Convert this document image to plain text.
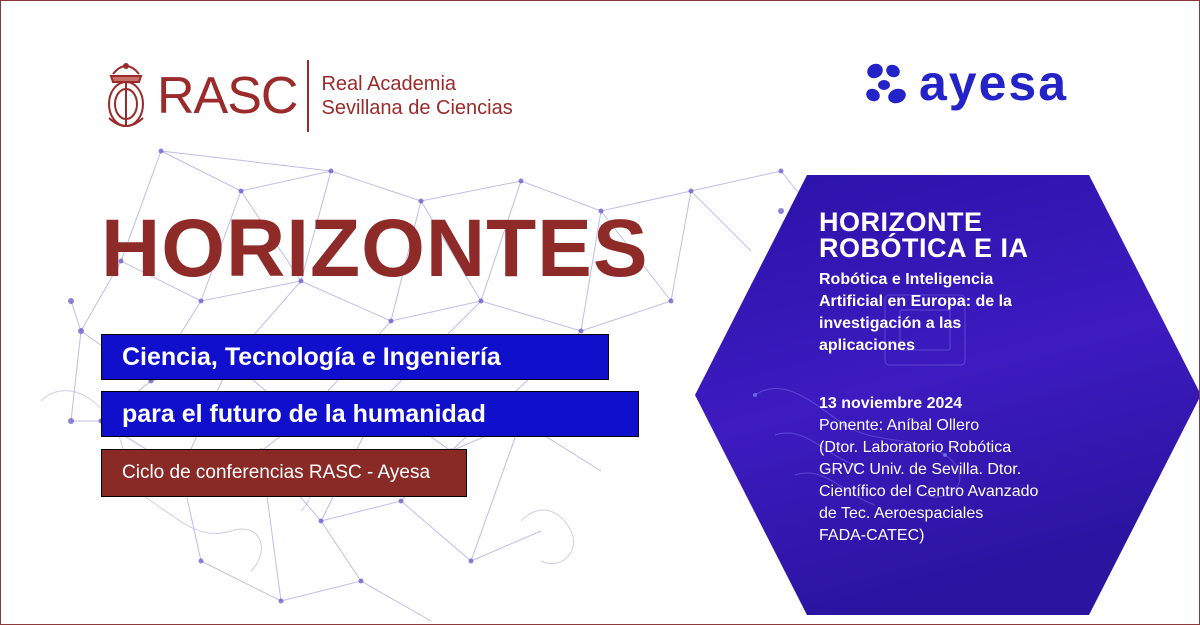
RASC Real Academia
Sevillana de Ciencias	ayesa
HORIZONTES
Ciencia, Tecnología e Ingeniería
para el futuro de la humanidad
Ciclo de conferencias RASC - Ayesa
HORIZONTE
ROBÓTICA E IA
Robótica e Inteligencia
Artificial en Europa: de la
investigación a las
aplicaciones
13 noviembre 2024
Ponente: Aníbal Ollero
(Dtor. Laboratorio Robótica
GRVC Univ. de Sevilla. Dtor.
Científico del Centro Avanzado
de Tec. Aeroespaciales
FADA-CATEC)
